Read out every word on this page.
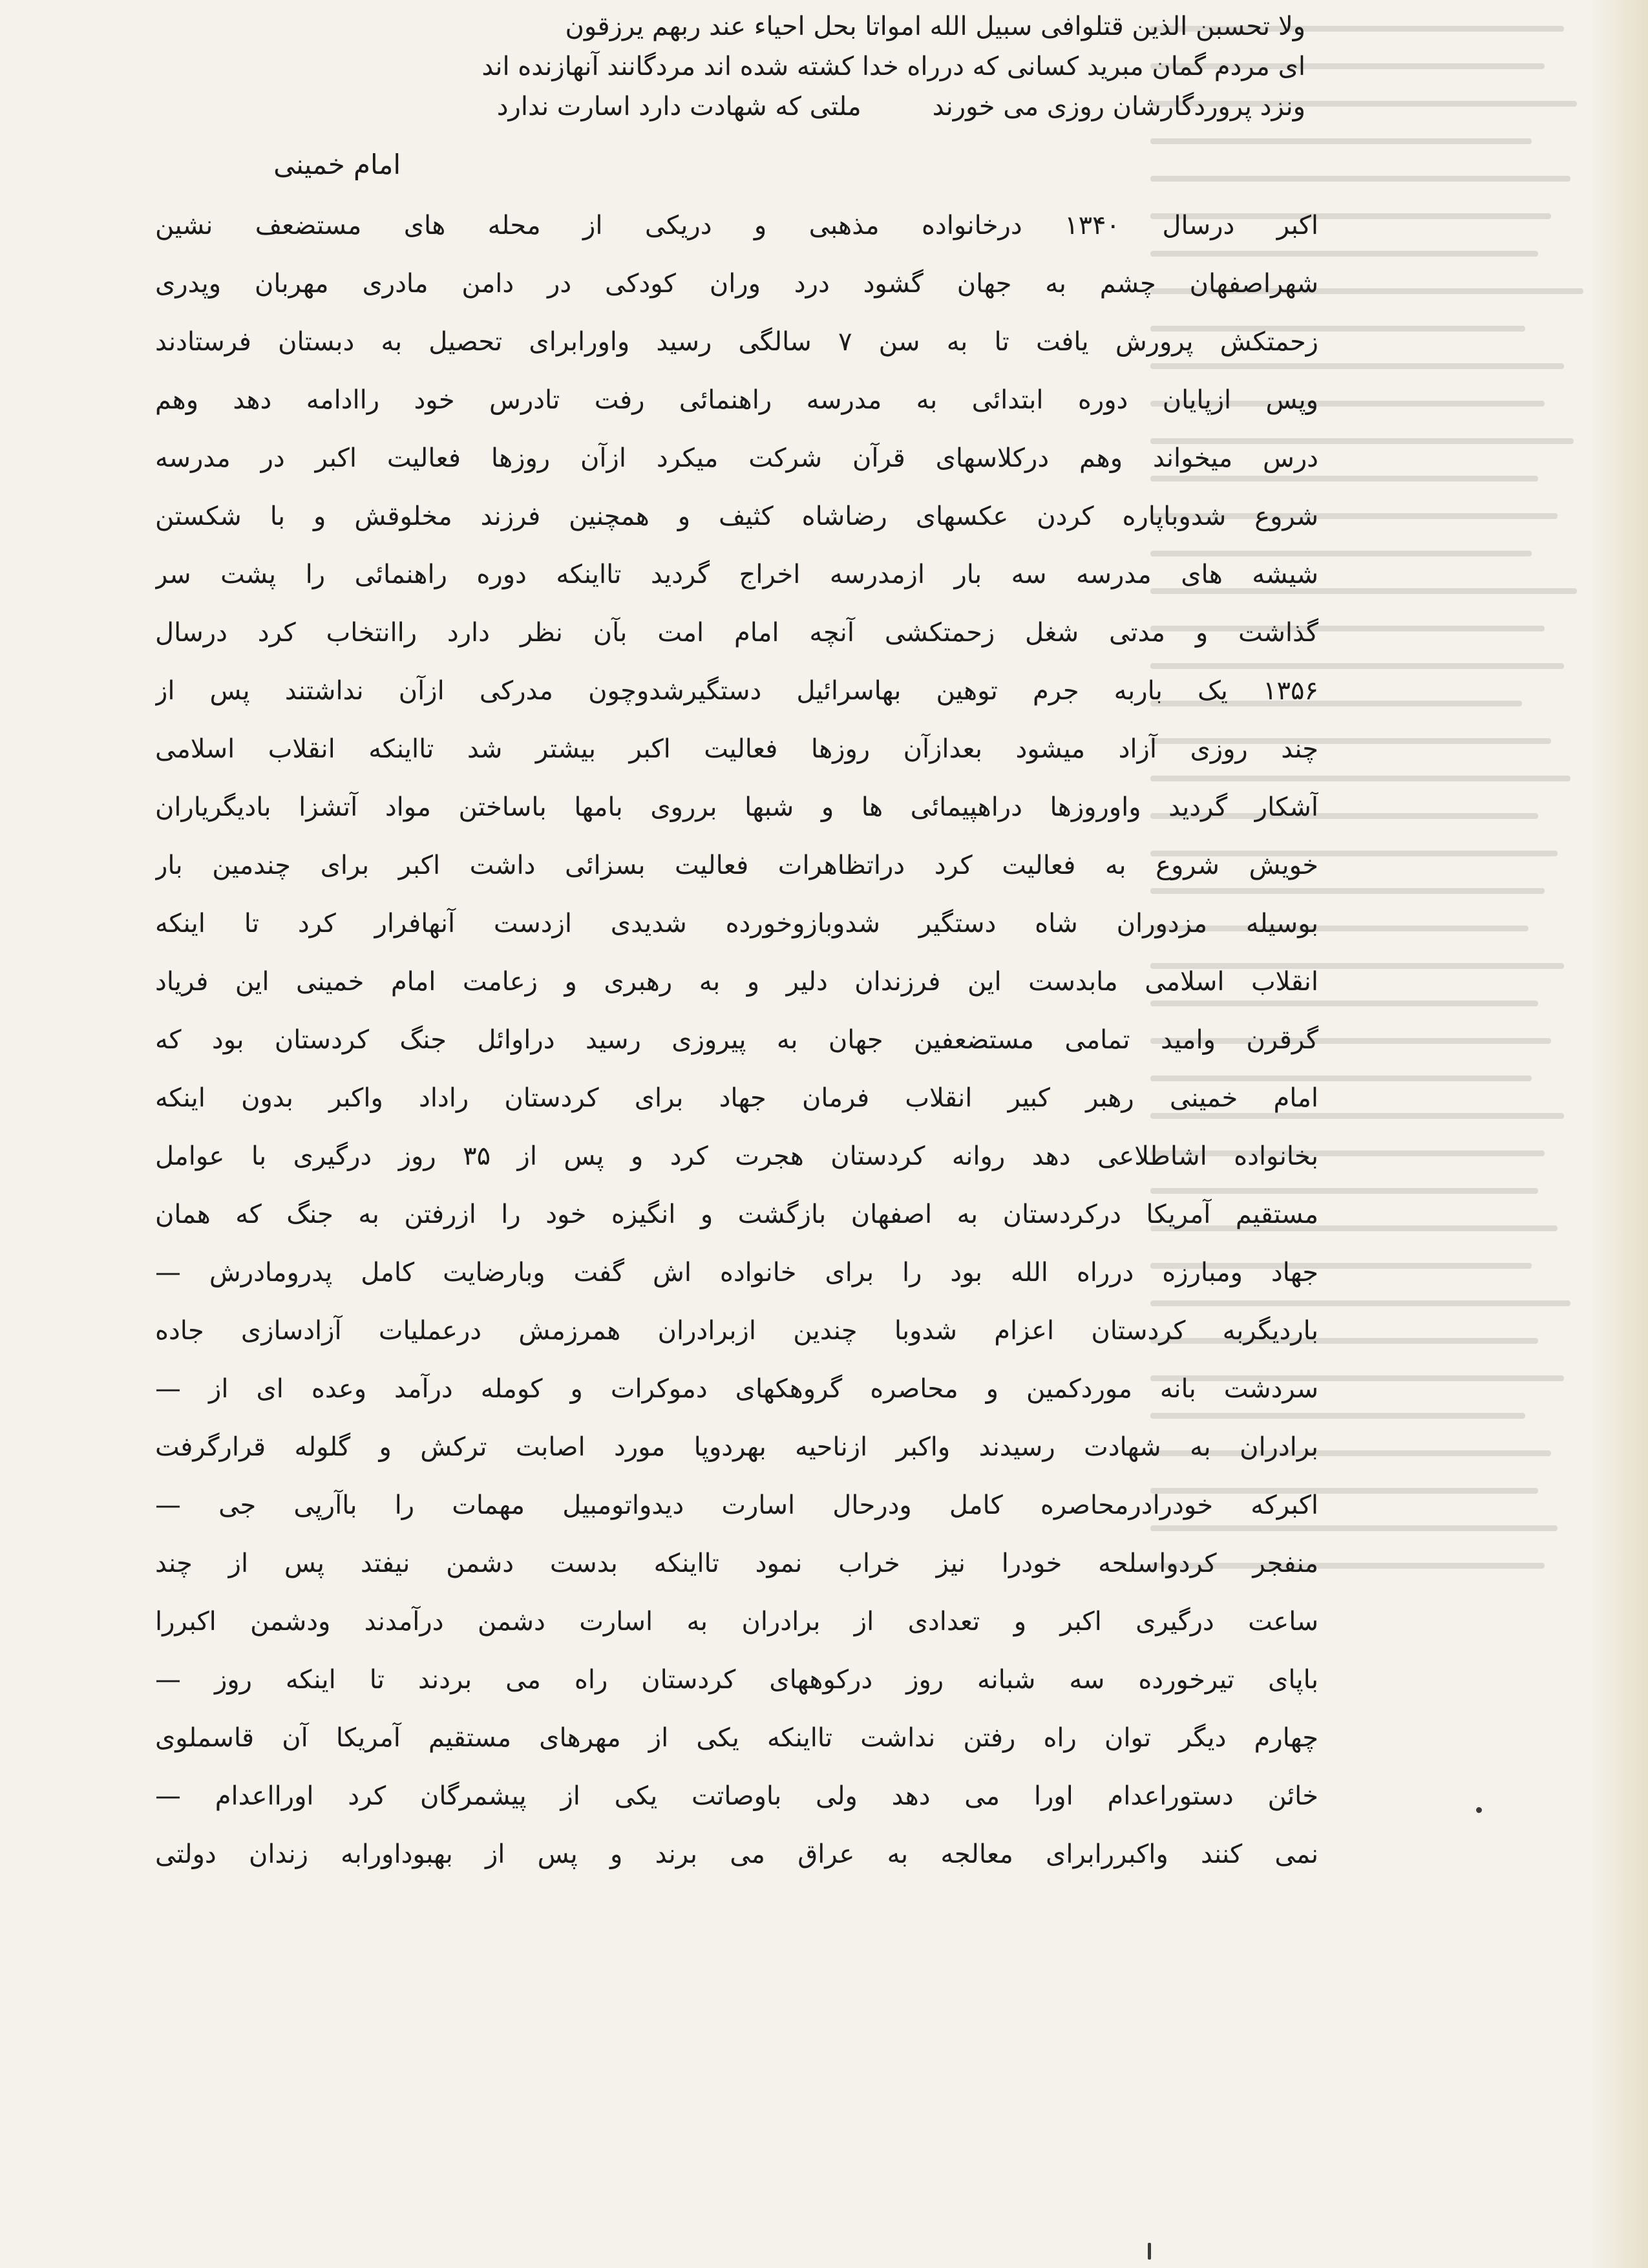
ولا تحسبن الذین قتلوافی سبیل الله امواتا بحل احیاء عند ربهم یرزقون
ای مردم گمان مبرید کسانی که درراه خدا کشته شده اند مردگانند آنهازنده اند
ونزد پروردگارشان روزی می خورند
ملتی که شهادت دارد اسارت ندارد
امام خمینی
اکبر درسال ۱۳۴۰ درخانواده مذهبی و دریکی از محله های مستضعف نشین
شهراصفهان چشم به جهان گشود درد وران کودکی در دامن مادری مهربان وپدری
زحمتکش پرورش یافت تا به سن ۷ سالگی رسید واورابرای تحصیل به دبستان فرستادند
وپس ازپایان دوره ابتدائی به مدرسه راهنمائی رفت تادرس خود راادامه دهد وهم
درس میخواند وهم درکلاسهای قرآن شرکت میکرد ازآن روزها فعالیت اکبر در مدرسه
شروع شدوباپاره کردن عکسهای رضاشاه کثیف و همچنین فرزند مخلوقش و با شکستن
شیشه های مدرسه سه بار ازمدرسه اخراج گردید تااینکه دوره راهنمائی را پشت سر
گذاشت و مدتی شغل زحمتکشی آنچه امام امت بآن نظر دارد راانتخاب کرد درسال
۱۳۵۶ یک باربه جرم توهین بهاسرائیل دستگیرشدوچون مدرکی ازآن نداشتند پس از
چند روزی آزاد میشود بعدازآن روزها فعالیت اکبر بیشتر شد تااینکه انقلاب اسلامی
آشکار گردید واوروزها دراهپیمائی ها و شبها برروی بامها باساختن مواد آتشزا بادیگریاران
خویش شروع به فعالیت کرد دراتظاهرات فعالیت بسزائی داشت اکبر برای چندمین بار
بوسیله مزدوران شاه دستگیر شدوبازوخورده شدیدی ازدست آنهافرار کرد تا اینکه
انقلاب اسلامی مابدست این فرزندان دلیر و به رهبری و زعامت امام خمینی این فریاد
گرقرن وامید تمامی مستضعفین جهان به پیروزی رسید دراوائل جنگ کردستان بود که
امام خمینی رهبر کبیر انقلاب فرمان جهاد برای کردستان راداد واکبر بدون اینکه
بخانواده اشاطلاعی دهد روانه کردستان هجرت کرد و پس از ۳۵ روز درگیری با عوامل
مستقیم آمریکا درکردستان به اصفهان بازگشت و انگیزه خود را ازرفتن به جنگ که همان
جهاد ومبارزه درراه الله بود را برای خانواده اش گفت وبارضایت کامل پدرومادرش —
باردیگربه کردستان اعزام شدوبا چندین ازبرادران همرزمش درعملیات آزادسازی جاده
سردشت بانه موردکمین و محاصره گروهکهای دموکرات و کومله درآمد وعده ای از —
برادران به شهادت رسیدند واکبر ازناحیه بهردوپا مورد اصابت ترکش و گلوله قرارگرفت
اکبرکه خودرادرمحاصره کامل ودرحال اسارت دیدواتومبیل مهمات را باآرپی جی —
منفجر کردواسلحه خودرا نیز خراب نمود تااینکه بدست دشمن نیفتد پس از چند
ساعت درگیری اکبر و تعدادی از برادران به اسارت دشمن درآمدند ودشمن اکبررا
باپای تیرخورده سه شبانه روز درکوههای کردستان راه می بردند تا اینکه روز —
چهارم دیگر توان راه رفتن نداشت تااینکه یکی از مهرهای مستقیم آمریکا آن قاسملوی
خائن دستوراعدام اورا می دهد ولی باوصاتت یکی از پیشمرگان کرد اورااعدام —
نمی کنند واکبررابرای معالجه به عراق می برند و پس از بهبوداورابه زندان دولتی
